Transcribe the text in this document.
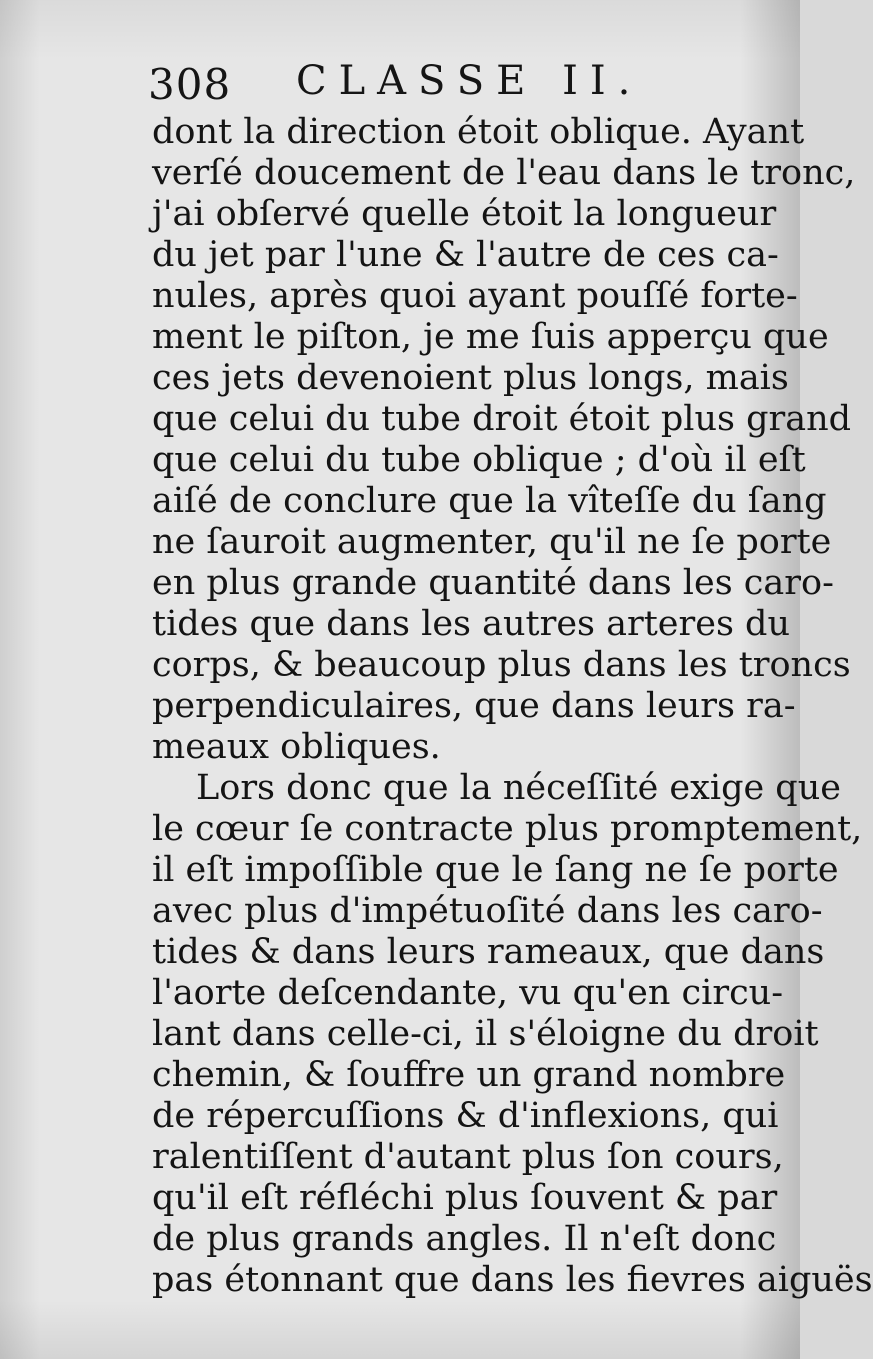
308 CLASSE II.
dont la direction étoit oblique. Ayant
verſé doucement de l'eau dans le tronc,
j'ai obſervé quelle étoit la longueur
du jet par l'une & l'autre de ces ca-
nules, après quoi ayant pouſſé forte-
ment le piſton, je me ſuis apperçu que
ces jets devenoient plus longs, mais
que celui du tube droit étoit plus grand
que celui du tube oblique ; d'où il eſt
aiſé de conclure que la vîteſſe du ſang
ne ſauroit augmenter, qu'il ne ſe porte
en plus grande quantité dans les caro-
tides que dans les autres arteres du
corps, & beaucoup plus dans les troncs
perpendiculaires, que dans leurs ra-
meaux obliques.
Lors donc que la néceſſité exige que
le cœur ſe contracte plus promptement,
il eſt impoſſible que le ſang ne ſe porte
avec plus d'impétuoſité dans les caro-
tides & dans leurs rameaux, que dans
l'aorte deſcendante, vu qu'en circu-
lant dans celle-ci, il s'éloigne du droit
chemin, & ſouffre un grand nombre
de répercuſſions & d'inflexions, qui
ralentiſſent d'autant plus ſon cours,
qu'il eſt réfléchi plus ſouvent & par
de plus grands angles. Il n'eſt donc
pas étonnant que dans les fievres aiguës
